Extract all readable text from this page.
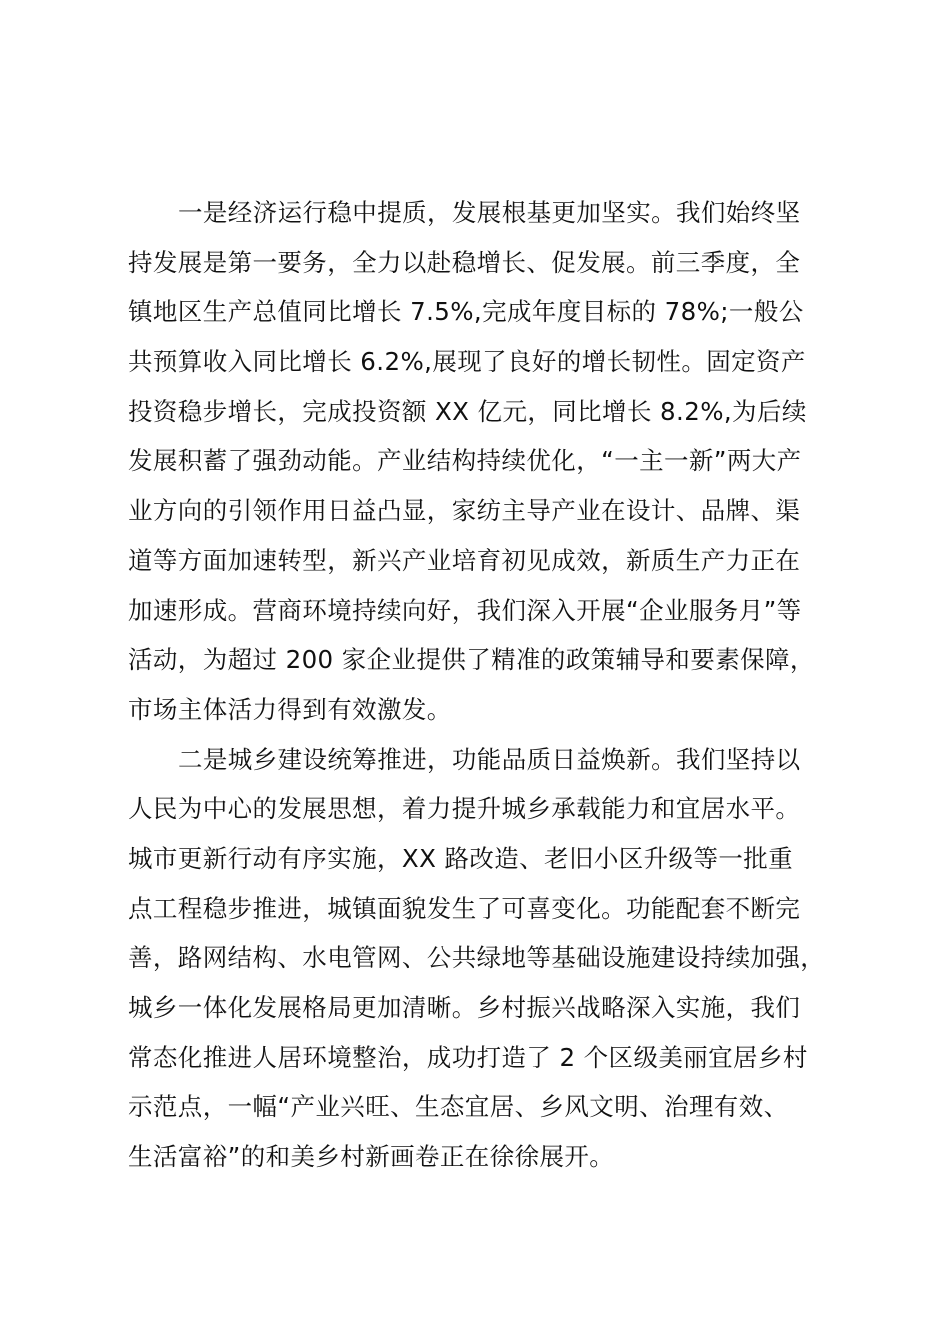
一是经济运行稳中提质，发展根基更加坚实。我们始终坚
持发展是第一要务，全力以赴稳增长、促发展。前三季度，全
镇地区生产总值同比增长 7.5%,完成年度目标的 78%;一般公
共预算收入同比增长 6.2%,展现了良好的增长韧性。固定资产
投资稳步增长，完成投资额 XX 亿元，同比增长 8.2%,为后续
发展积蓄了强劲动能。产业结构持续优化，“一主一新”两大产
业方向的引领作用日益凸显，家纺主导产业在设计、品牌、渠
道等方面加速转型，新兴产业培育初见成效，新质生产力正在
加速形成。营商环境持续向好，我们深入开展“企业服务月”等
活动，为超过 200 家企业提供了精准的政策辅导和要素保障，
市场主体活力得到有效激发。
二是城乡建设统筹推进，功能品质日益焕新。我们坚持以
人民为中心的发展思想，着力提升城乡承载能力和宜居水平。
城市更新行动有序实施，XX 路改造、老旧小区升级等一批重
点工程稳步推进，城镇面貌发生了可喜变化。功能配套不断完
善，路网结构、水电管网、公共绿地等基础设施建设持续加强，
城乡一体化发展格局更加清晰。乡村振兴战略深入实施，我们
常态化推进人居环境整治，成功打造了 2 个区级美丽宜居乡村
示范点，一幅“产业兴旺、生态宜居、乡风文明、治理有效、
生活富裕”的和美乡村新画卷正在徐徐展开。
